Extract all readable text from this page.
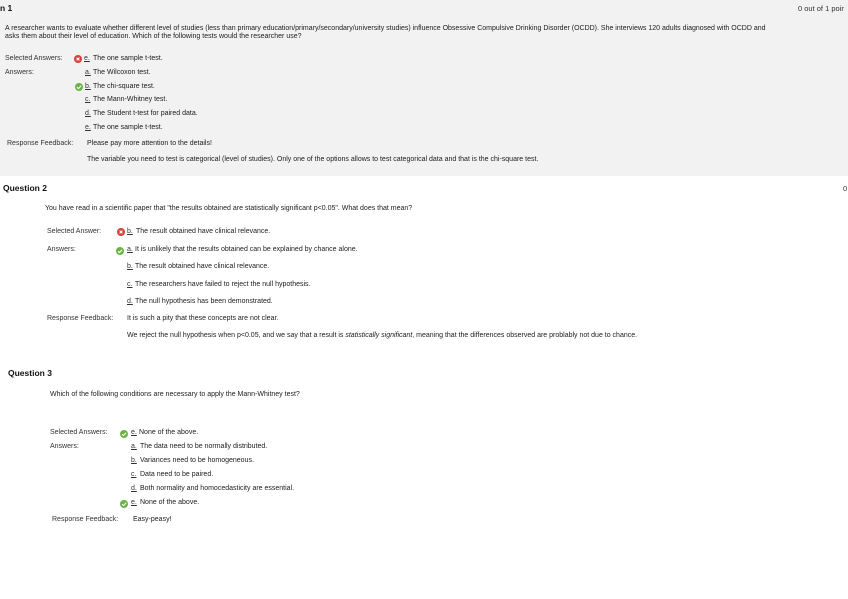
n 1	0 out of 1 poir
A researcher wants to evaluate whether different level of studies (less than primary education/primary/secondary/university studies) influence Obsessive Compulsive Drinking Disorder (OCDD). She interviews 120 adults diagnosed with OCDD and
asks them about their level of education. Which of the following tests would the researcher use?
Selected Answers:	e. The one sample t-test.
Answers:	a. The Wilcoxon test.
b. The chi-square test.
c. The Mann-Whitney test.
d. The Student t-test for paired data.
e. The one sample t-test.
Response Feedback: Please pay more attention to the details!
The variable you need to test is categorical (level of studies). Only one of the options allows to test categorical data and that is the chi-square test.
Question 2	0
You have read in a scientific paper that "the results obtained are statistically significant p<0.05". What does that mean?
Selected Answer:	b. The result obtained have clinical relevance.
Answers:	a. It is unlikely that the results obtained can be explained by chance alone.
b. The result obtained have clinical relevance.
c. The researchers have failed to reject the null hypothesis.
d. The null hypothesis has been demonstrated.
Response Feedback: It is such a pity that these concepts are not clear.
We reject the null hypothesis when p<0.05, and we say that a result is statistically significant, meaning that the differences observed are problably not due to chance.
Question 3
Which of the following conditions are necessary to apply the Mann-Whitney test?
Selected Answers:	e. None of the above.
Answers:	a. The data need to be normally distributed.
b. Variances need to be homogeneous.
c. Data need to be paired.
d. Both normality and homocedasticity are essential.
e. None of the above.
Response Feedback: Easy-peasy!
